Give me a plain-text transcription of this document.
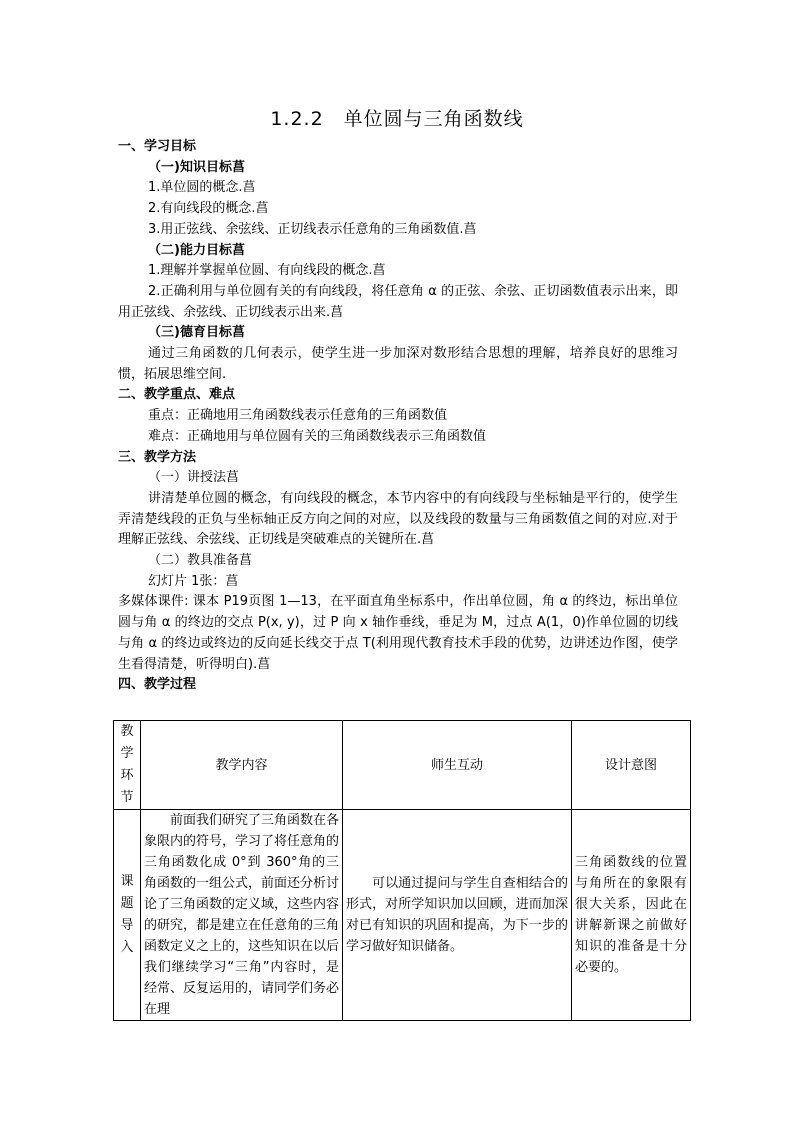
1.2.2　单位圆与三角函数线

一、学习目标

（一)知识目标菖

1.单位圆的概念.菖

2.有向线段的概念.菖

3.用正弦线、余弦线、正切线表示任意角的三角函数值.菖

（二)能力目标菖

1.理解并掌握单位圆、有向线段的概念.菖

2.正确利用与单位圆有关的有向线段，将任意角 α 的正弦、余弦、正切函数值表示出来，即用正弦线、余弦线、正切线表示出来.菖

（三)德育目标菖

通过三角函数的几何表示，使学生进一步加深对数形结合思想的理解，培养良好的思维习惯，拓展思维空间.

二、教学重点、难点

重点：正确地用三角函数线表示任意角的三角函数值

难点：正确地用与单位圆有关的三角函数线表示三角函数值

三、教学方法

（一）讲授法菖

讲清楚单位圆的概念，有向线段的概念，本节内容中的有向线段与坐标轴是平行的，使学生弄清楚线段的正负与坐标轴正反方向之间的对应，以及线段的数量与三角函数值之间的对应.对于理解正弦线、余弦线、正切线是突破难点的关键所在.菖

（二）教具准备菖

幻灯片 1张：菖

多媒体课件: 课本 P19页图 1—13，在平面直角坐标系中，作出单位圆，角 α 的终边，标出单位圆与角 α 的终边的交点 P(x, y)，过 P 向 x 轴作垂线，垂足为 M，过点 A(1，0)作单位圆的切线与角 α 的终边或终边的反向延长线交于点 T(利用现代教育技术手段的优势，边讲述边作图，使学生看得清楚，听得明白).菖

四、教学过程

教学环节	教学内容	师生互动	设计意图

课题导入	前面我们研究了三角函数在各象限内的符号，学习了将任意角的三角函数化成 0°到 360°角的三角函数的一组公式，前面还分析讨论了三角函数的定义域，这些内容的研究，都是建立在任意角的三角函数定义之上的，这些知识在以后我们继续学习“三角”内容时，是经常、反复运用的，请同学们务必在理	可以通过提问与学生自查相结合的形式，对所学知识加以回顾，进而加深对已有知识的巩固和提高，为下一步的学习做好知识储备。	三角函数线的位置与角所在的象限有很大关系，因此在讲解新课之前做好知识的准备是十分必要的。
